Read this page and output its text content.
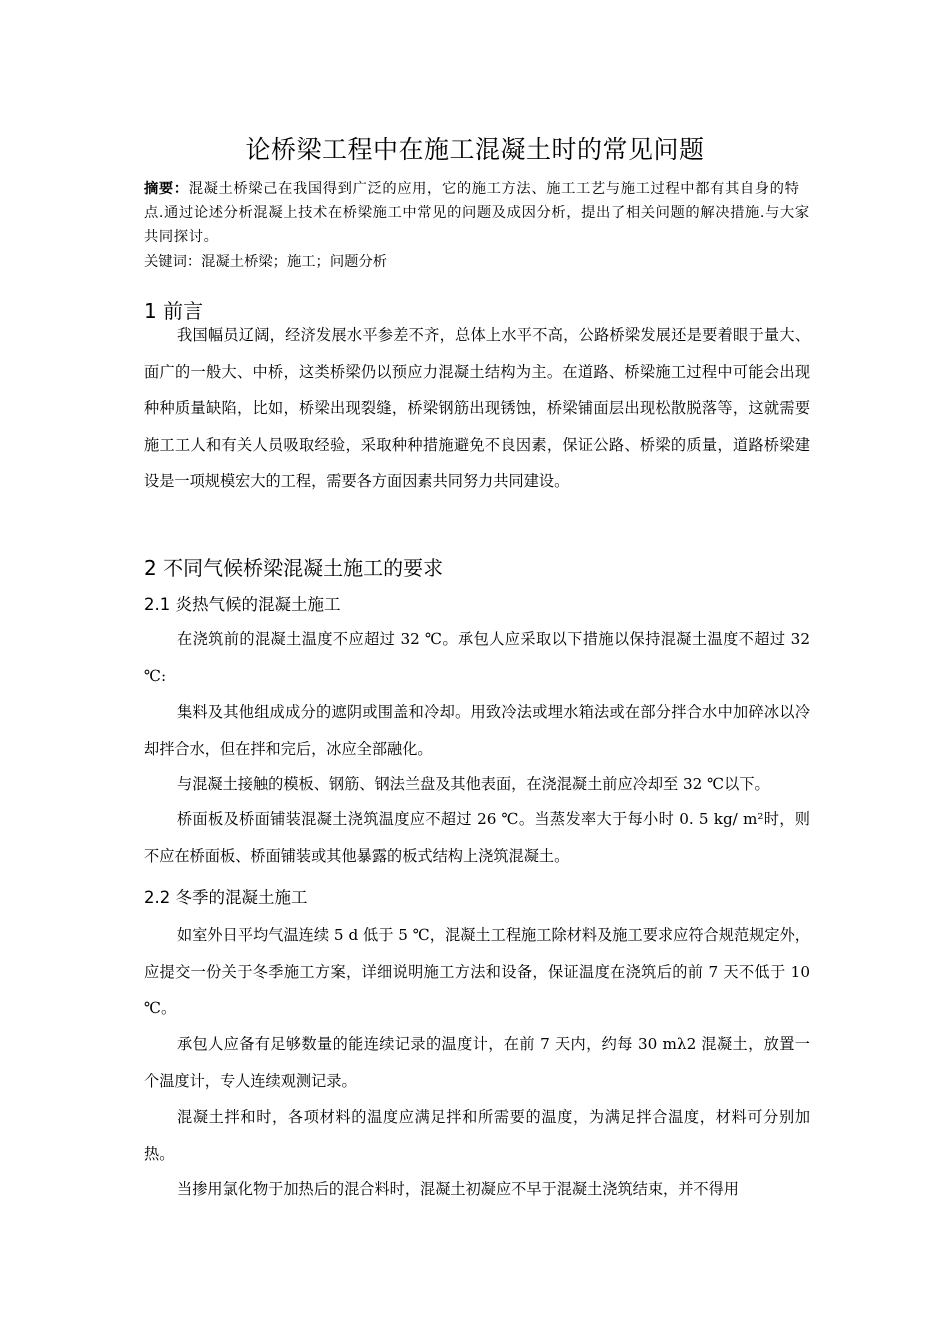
论桥梁工程中在施工混凝土时的常见问题
摘要：混凝土桥梁己在我国得到广泛的应用，它的施工方法、施工工艺与施工过程中都有其自身的特点.通过论述分析混凝上技术在桥梁施工中常见的问题及成因分析，提出了相关问题的解决措施.与大家共同探讨。
关键词：混凝土桥梁；施工；问题分析
1 前言
我国幅员辽阔，经济发展水平参差不齐，总体上水平不高，公路桥梁发展还是要着眼于量大、面广的一般大、中桥，这类桥梁仍以预应力混凝土结构为主。在道路、桥梁施工过程中可能会出现种种质量缺陷，比如，桥梁出现裂缝，桥梁钢筋出现锈蚀，桥梁铺面层出现松散脱落等，这就需要施工工人和有关人员吸取经验，采取种种措施避免不良因素，保证公路、桥梁的质量，道路桥梁建设是一项规模宏大的工程，需要各方面因素共同努力共同建设。
2 不同气候桥梁混凝土施工的要求
2.1 炎热气候的混凝土施工
在浇筑前的混凝土温度不应超过 32 ℃。承包人应采取以下措施以保持混凝土温度不超过 32 ℃:
集料及其他组成成分的遮阴或围盖和冷却。用致冷法或埋水箱法或在部分拌合水中加碎冰以冷却拌合水，但在拌和完后，冰应全部融化。
与混凝土接触的模板、钢筋、钢法兰盘及其他表面，在浇混凝土前应冷却至 32 ℃以下。
桥面板及桥面铺装混凝土浇筑温度应不超过 26 ℃。当蒸发率大于每小时 0. 5 kg/ m²时，则不应在桥面板、桥面铺装或其他暴露的板式结构上浇筑混凝土。
2.2 冬季的混凝土施工
如室外日平均气温连续 5 d 低于 5 ℃，混凝土工程施工除材料及施工要求应符合规范规定外，应提交一份关于冬季施工方案，详细说明施工方法和设备，保证温度在浇筑后的前 7 天不低于 10 ℃。
承包人应备有足够数量的能连续记录的温度计，在前 7 天内，约每 30 mλ2 混凝土，放置一个温度计，专人连续观测记录。
混凝土拌和时，各项材料的温度应满足拌和所需要的温度，为满足拌合温度，材料可分别加热。
当掺用氯化物于加热后的混合料时，混凝土初凝应不早于混凝土浇筑结束，并不得用
